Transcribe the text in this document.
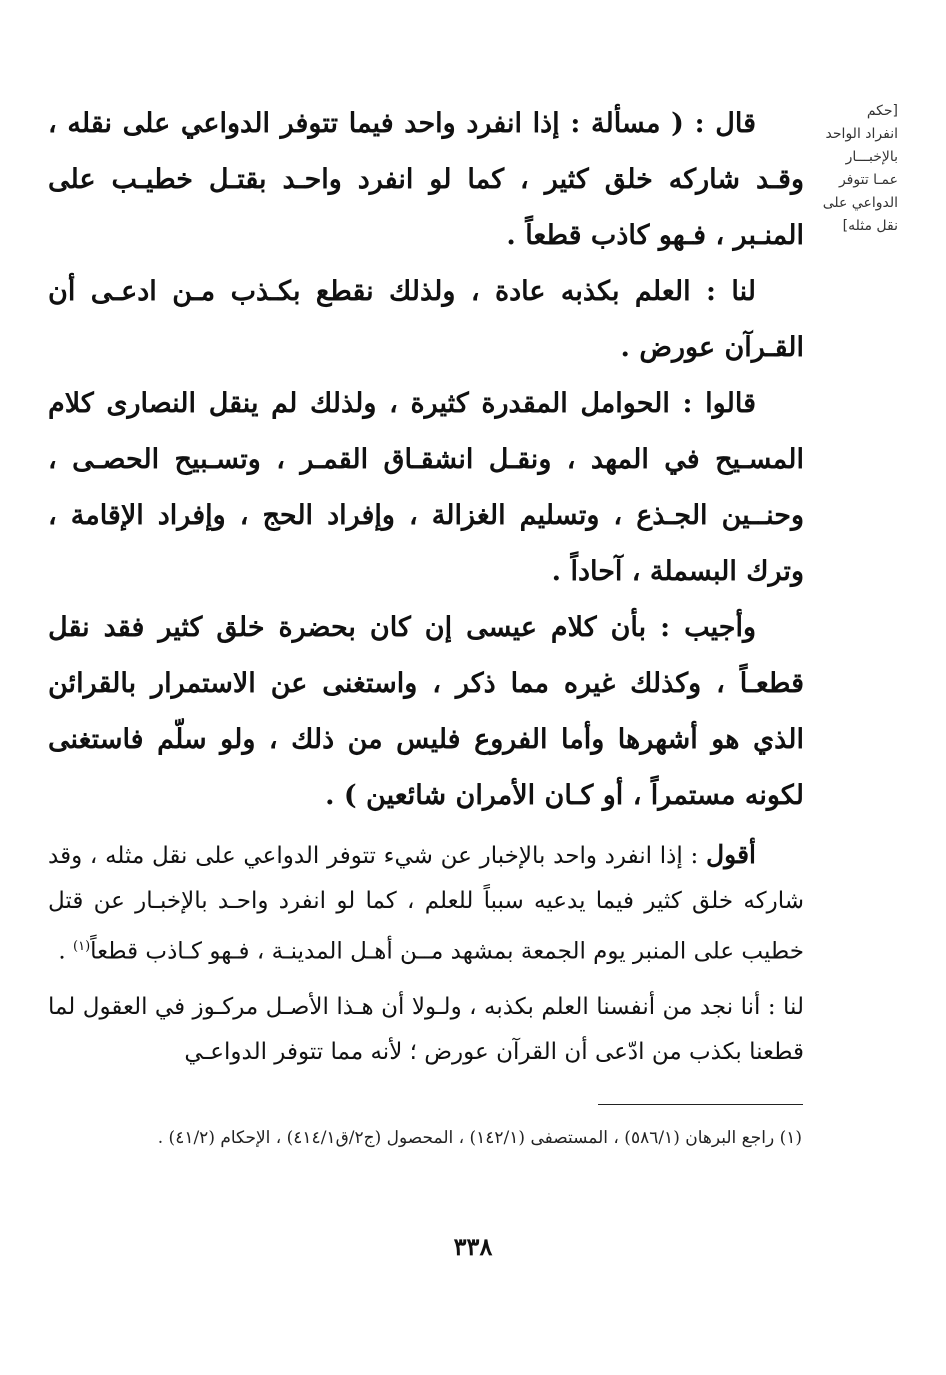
[حكم
انفراد الواحد
بالإخبـــار
عمـا تتوفر
الدواعي على
نقل مثله]

قال : ( مسألة : إذا انفرد واحد فيما تتوفر الدواعي على نقله ، وقـد شاركه خلق كثير ، كما لو انفرد واحـد بقتـل خطيـب على المنـبر ، فـهو كاذب قطعاً .

لنا : العلم بكذبه عادة ، ولذلك نقطع بكـذب مـن ادعـى أن القـرآن عورض .

قالوا : الحوامل المقدرة كثيرة ، ولذلك لم ينقل النصارى كلام المسـيح في المهد ، ونقـل انشقـاق القمـر ، وتسـبيح الحصـى ، وحنــين الجـذع ، وتسليم الغزالة ، وإفراد الحج ، وإفراد الإقامة ، وترك البسملة ، آحاداً .

وأجيب : بأن كلام عيسى إن كان بحضرة خلق كثير فقد نقل قطعـاً ، وكذلك غيره مما ذكر ، واستغنى عن الاستمرار بالقرائن الذي هو أشهرها وأما الفروع فليس من ذلك ، ولو سلّم فاستغنى لكونه مستمراً ، أو كـان الأمران شائعين ) .

أقول : إذا انفرد واحد بالإخبار عن شيء تتوفر الدواعي على نقل مثله ، وقد شاركه خلق كثير فيما يدعيه سبباً للعلم ، كما لو انفرد واحـد بالإخبـار عن قتل خطيب على المنبر يوم الجمعة بمشهد مــن أهـل المدينـة ، فـهو كـاذب قطعاً$^{(١)}$ .

لنا : أنا نجد من أنفسنا العلم بكذبه ، ولـولا أن هـذا الأصـل مركـوز في العقول لما قطعنا بكذب من ادّعى أن القرآن عورض ؛ لأنه مما تتوفر الدواعـي

(١) راجع البرهان (٥٨٦/١) ، المستصفى (١٤٢/١) ، المحصول (ج٢/ق٤١٤/١) ، الإحكام (٤١/٢) .
٣٣٨
